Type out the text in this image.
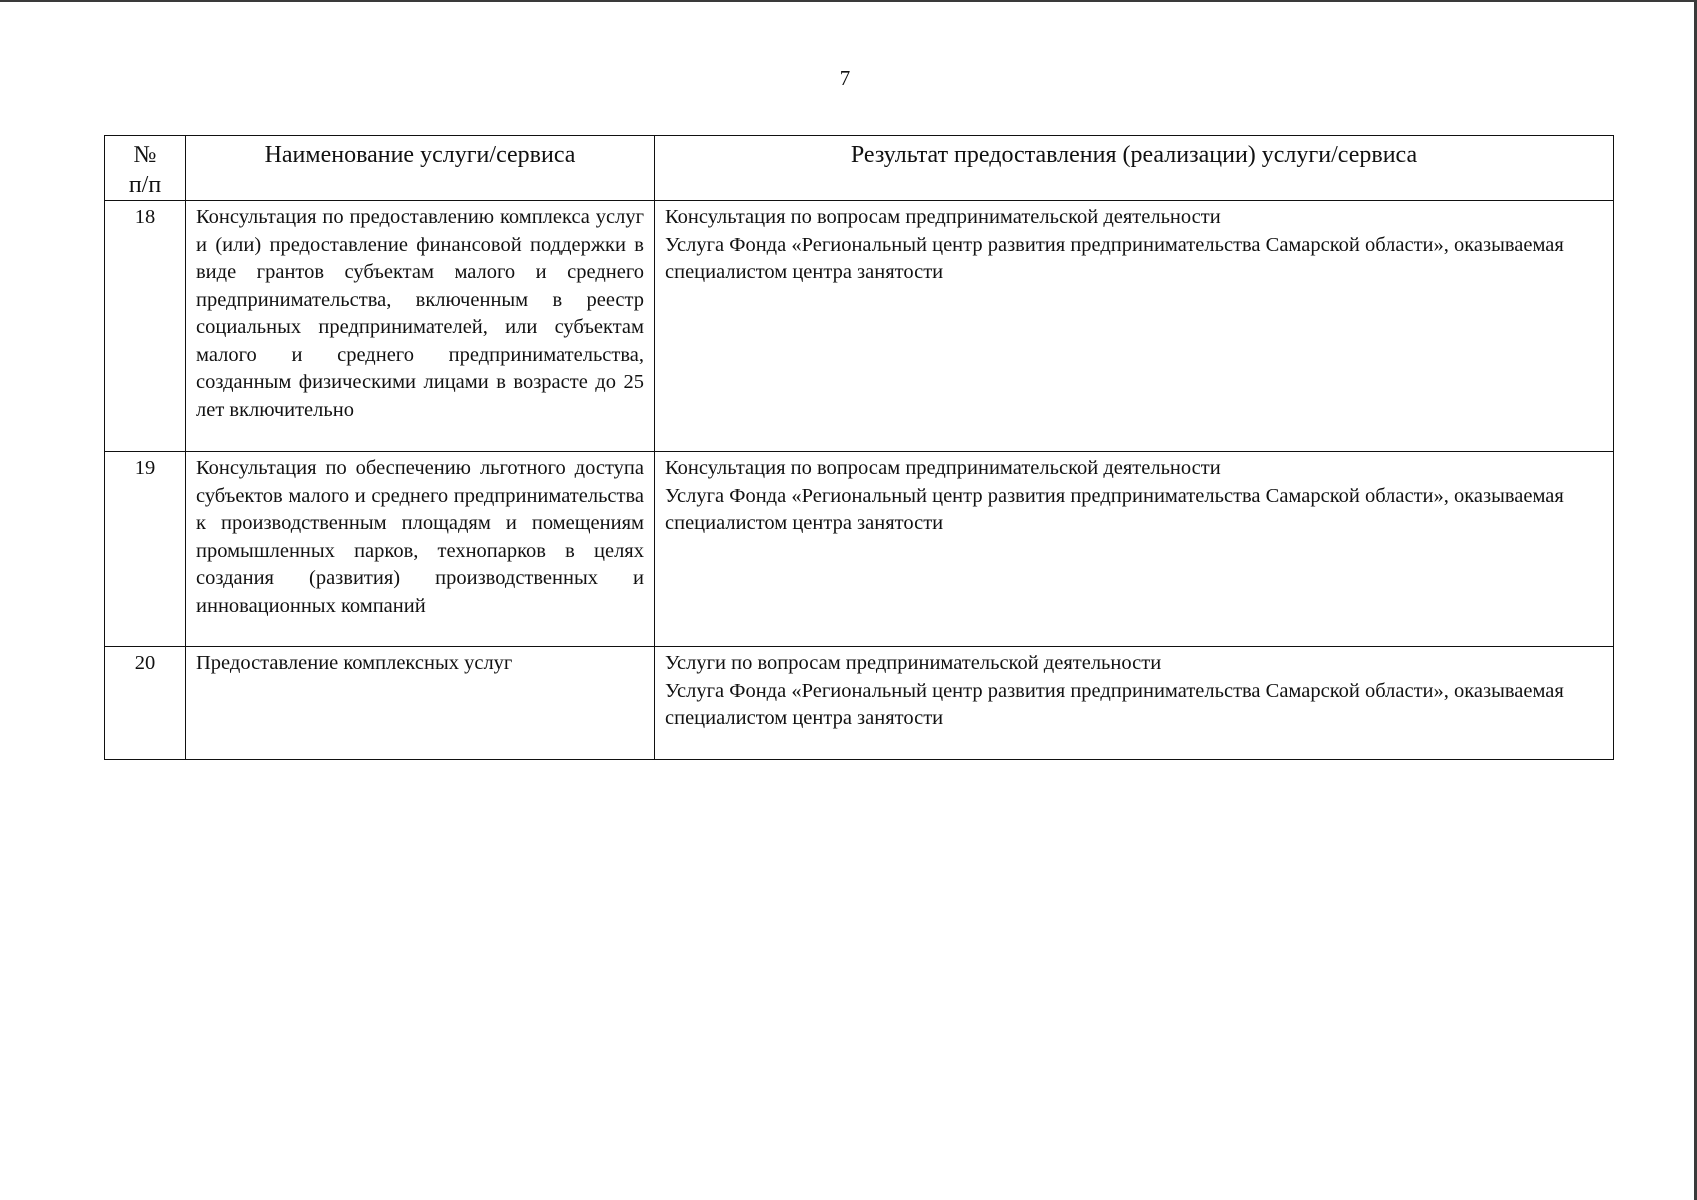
7
№
п/п	Наименование услуги/сервиса	Результат предоставления (реализации) услуги/сервиса
18	Консультация по предоставлению комплекса услуг и (или) предоставление финансовой поддержки в виде грантов субъектам малого и среднего предпринимательства, включенным в реестр социальных предпринимателей, или субъектам малого и среднего предпринимательства, созданным физическими лицами в возрасте до 25 лет включительно	Консультация по вопросам предпринимательской деятельности
Услуга Фонда «Региональный центр развития предпринимательства Самарской области», оказываемая специалистом центра занятости

19	Консультация по обеспечению льготного доступа субъектов малого и среднего предпринимательства к производственным площадям и помещениям промышленных парков, технопарков в целях создания (развития) производственных и инновационных компаний	Консультация по вопросам предпринимательской деятельности
Услуга Фонда «Региональный центр развития предпринимательства Самарской области», оказываемая специалистом центра занятости

20	Предоставление комплексных услуг	Услуги по вопросам предпринимательской деятельности
Услуга Фонда «Региональный центр развития предпринимательства Самарской области», оказываемая специалистом центра занятости
